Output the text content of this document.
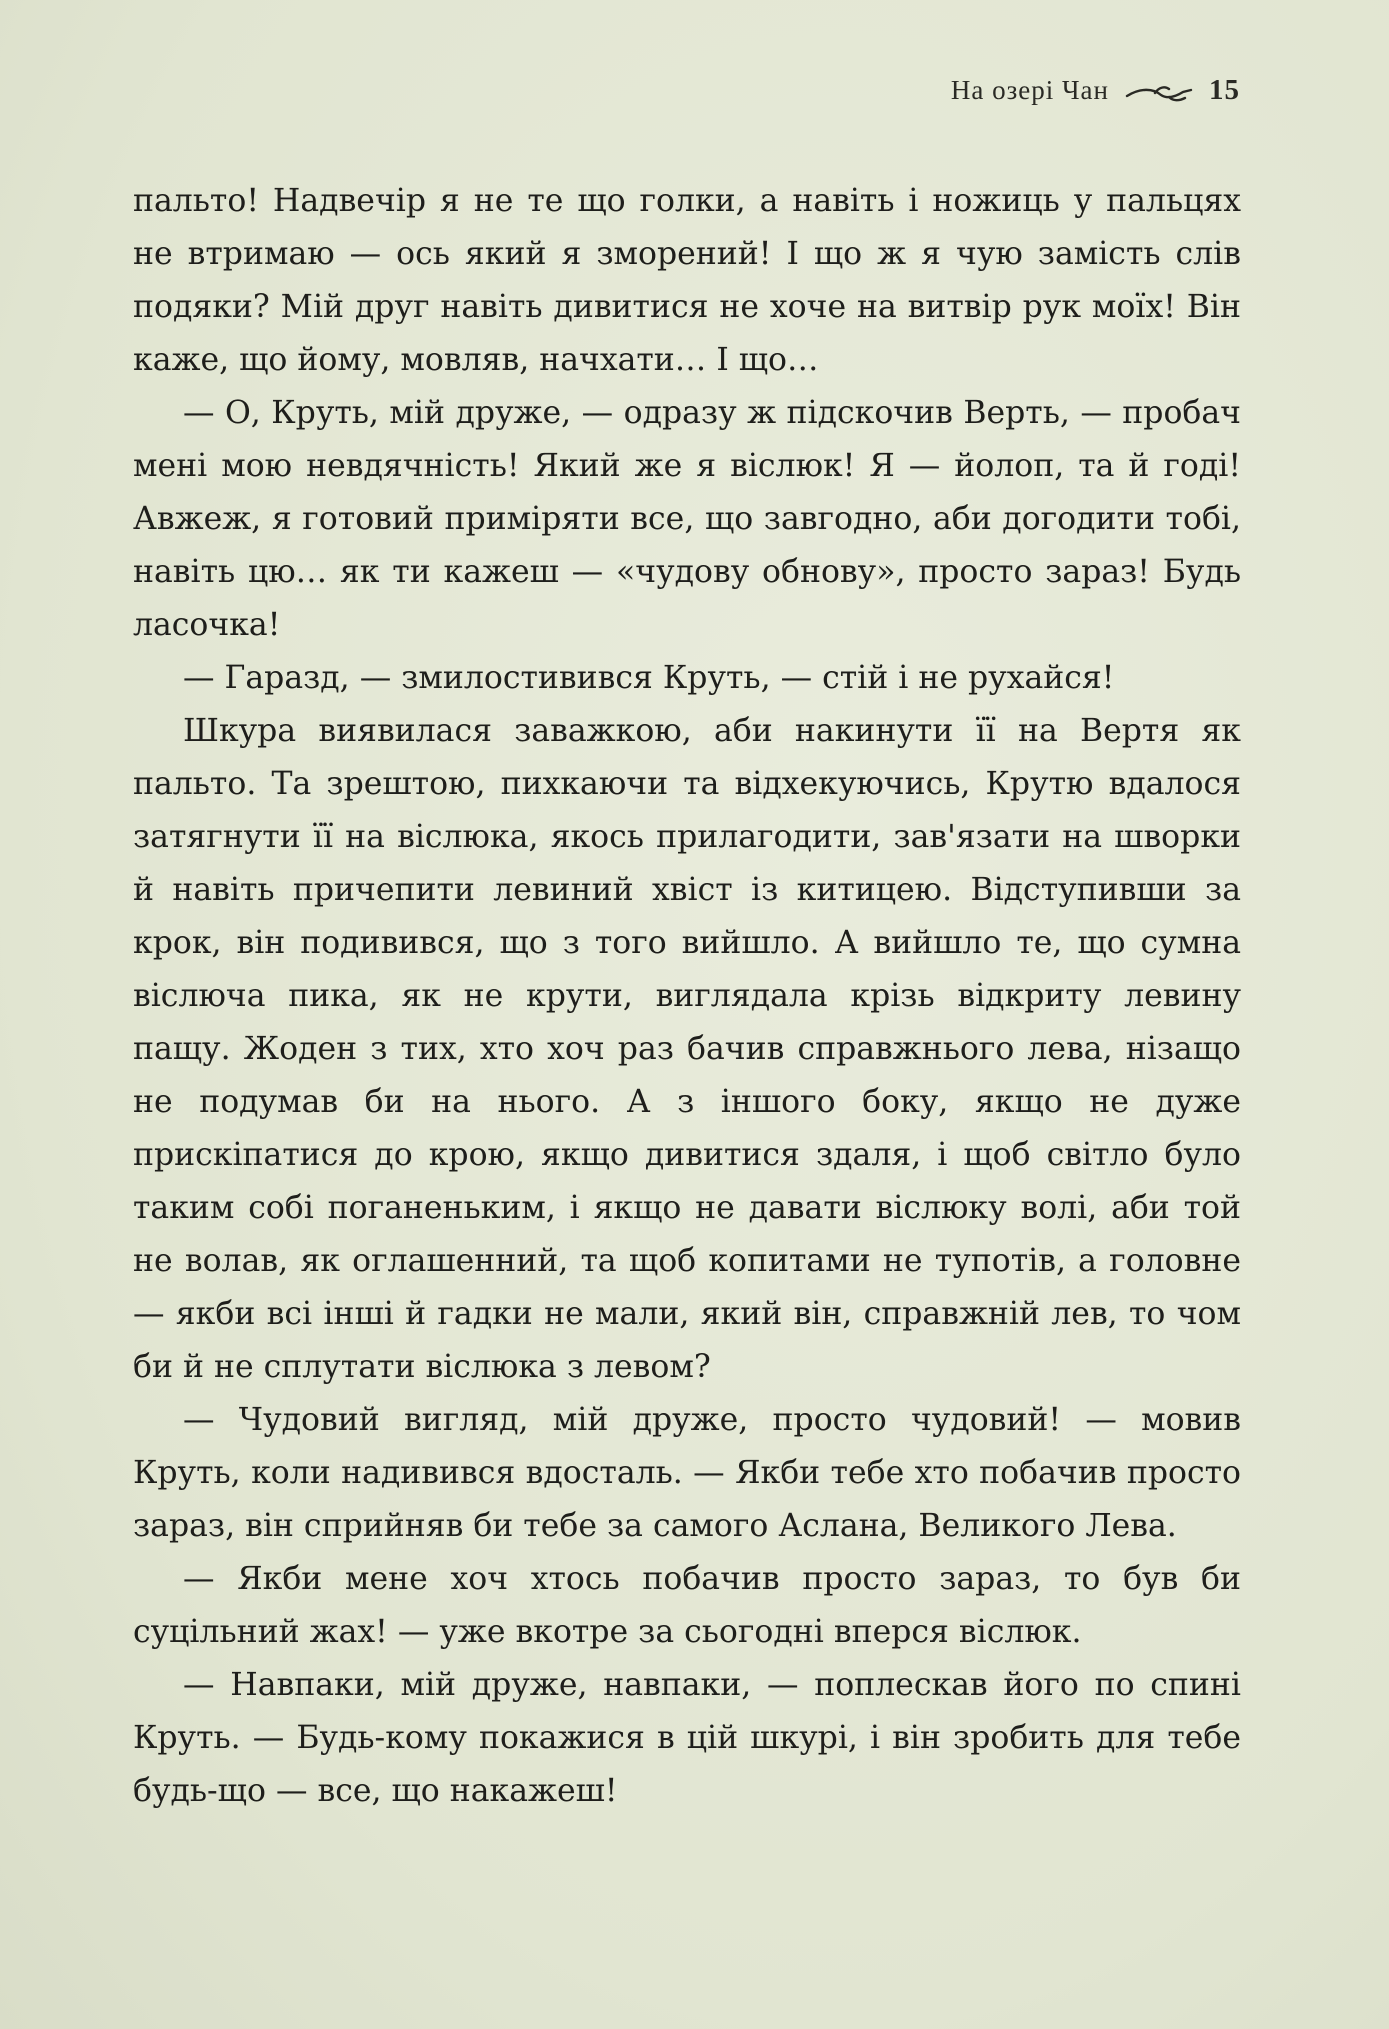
На озері Чан	15

пальто! Надвечір я не те що голки, а навіть і ножиць у пальцях не втримаю — ось який я зморений! І що ж я чую замість слів подяки? Мій друг навіть дивитися не хоче на витвір рук моїх! Він каже, що йому, мовляв, начхати… І що…

— О, Круть, мій друже, — одразу ж підскочив Верть, — пробач мені мою невдячність! Який же я віслюк! Я — йолоп, та й годі! Авжеж, я готовий приміряти все, що завгодно, аби догодити тобі, навіть цю… як ти кажеш — «чудову обнову», просто зараз! Будь ласочка!

— Гаразд, — змилостивився Круть, — стій і не рухайся!

Шкура виявилася заважкою, аби накинути її на Вертя як пальто. Та зрештою, пихкаючи та відхекуючись, Крутю вдалося затягнути її на віслюка, якось прилагодити, зав'язати на шворки й навіть причепити левиний хвіст із китицею. Відступивши за крок, він подивився, що з того вийшло. А вийшло те, що сумна віслюча пика, як не крути, виглядала крізь відкриту левину пащу. Жоден з тих, хто хоч раз бачив справжнього лева, нізащо не подумав би на нього. А з іншого боку, якщо не дуже прискіпатися до крою, якщо дивитися здаля, і щоб світло було таким собі поганеньким, і якщо не давати віслюку волі, аби той не волав, як оглашенний, та щоб копитами не тупотів, а головне — якби всі інші й гадки не мали, який він, справжній лев, то чом би й не сплутати віслюка з левом?

— Чудовий вигляд, мій друже, просто чудовий! — мовив Круть, коли надивився вдосталь. — Якби тебе хто побачив просто зараз, він сприйняв би тебе за самого Аслана, Великого Лева.

— Якби мене хоч хтось побачив просто зараз, то був би суцільний жах! — уже вкотре за сьогодні вперся віслюк.

— Навпаки, мій друже, навпаки, — поплескав його по спині Круть. — Будь-кому покажися в цій шкурі, і він зробить для тебе будь-що — все, що накажеш!
